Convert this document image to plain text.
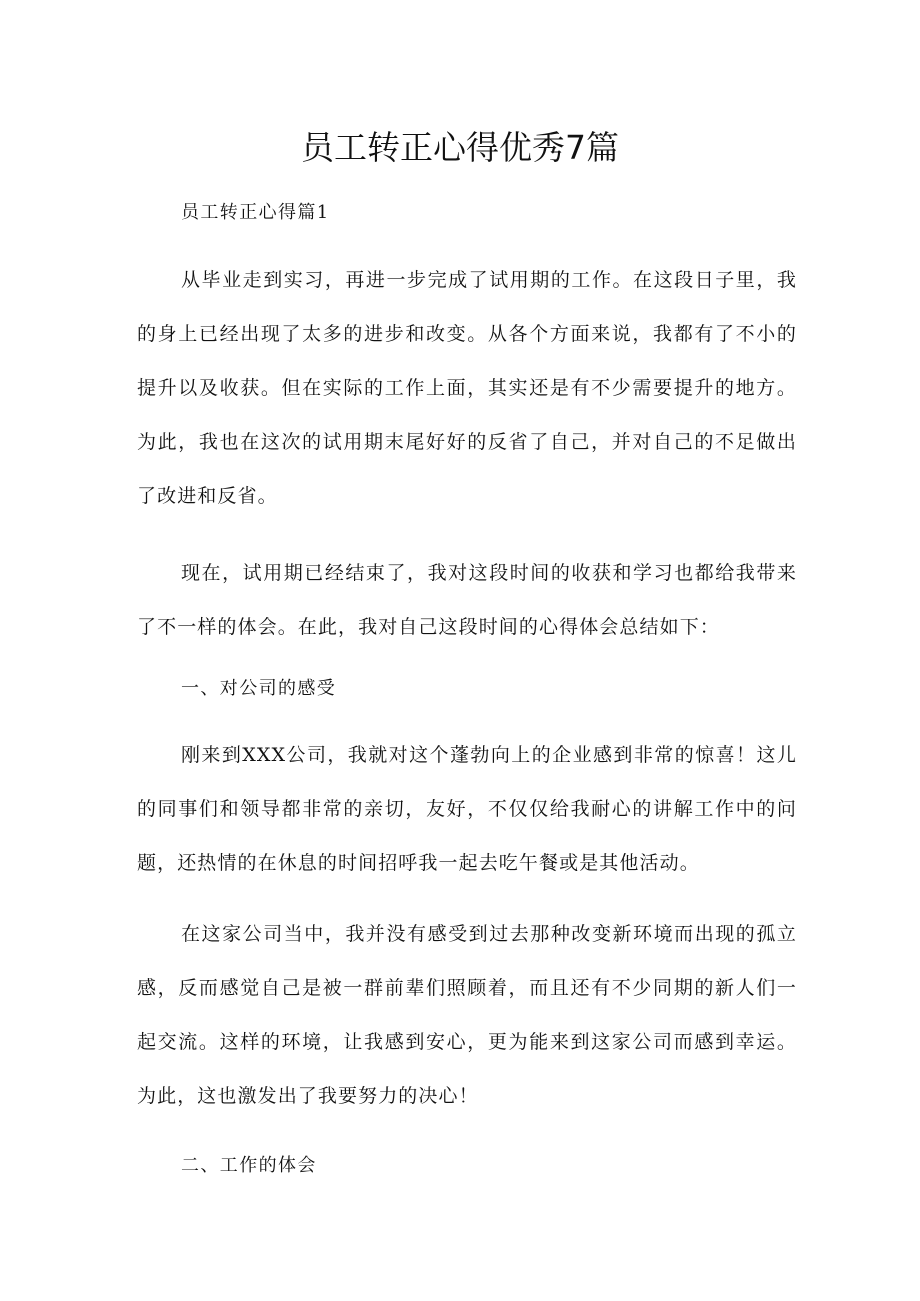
员工转正心得优秀7篇

员工转正心得篇1

从毕业走到实习，再进一步完成了试用期的工作。在这段日子里，我的身上已经出现了太多的进步和改变。从各个方面来说，我都有了不小的提升以及收获。但在实际的工作上面，其实还是有不少需要提升的地方。为此，我也在这次的试用期末尾好好的反省了自己，并对自己的不足做出了改进和反省。

现在，试用期已经结束了，我对这段时间的收获和学习也都给我带来了不一样的体会。在此，我对自己这段时间的心得体会总结如下：

一、对公司的感受

刚来到XXX公司，我就对这个蓬勃向上的企业感到非常的惊喜！这儿的同事们和领导都非常的亲切，友好，不仅仅给我耐心的讲解工作中的问题，还热情的在休息的时间招呼我一起去吃午餐或是其他活动。

在这家公司当中，我并没有感受到过去那种改变新环境而出现的孤立感，反而感觉自己是被一群前辈们照顾着，而且还有不少同期的新人们一起交流。这样的环境，让我感到安心，更为能来到这家公司而感到幸运。为此，这也激发出了我要努力的决心！

二、工作的体会
